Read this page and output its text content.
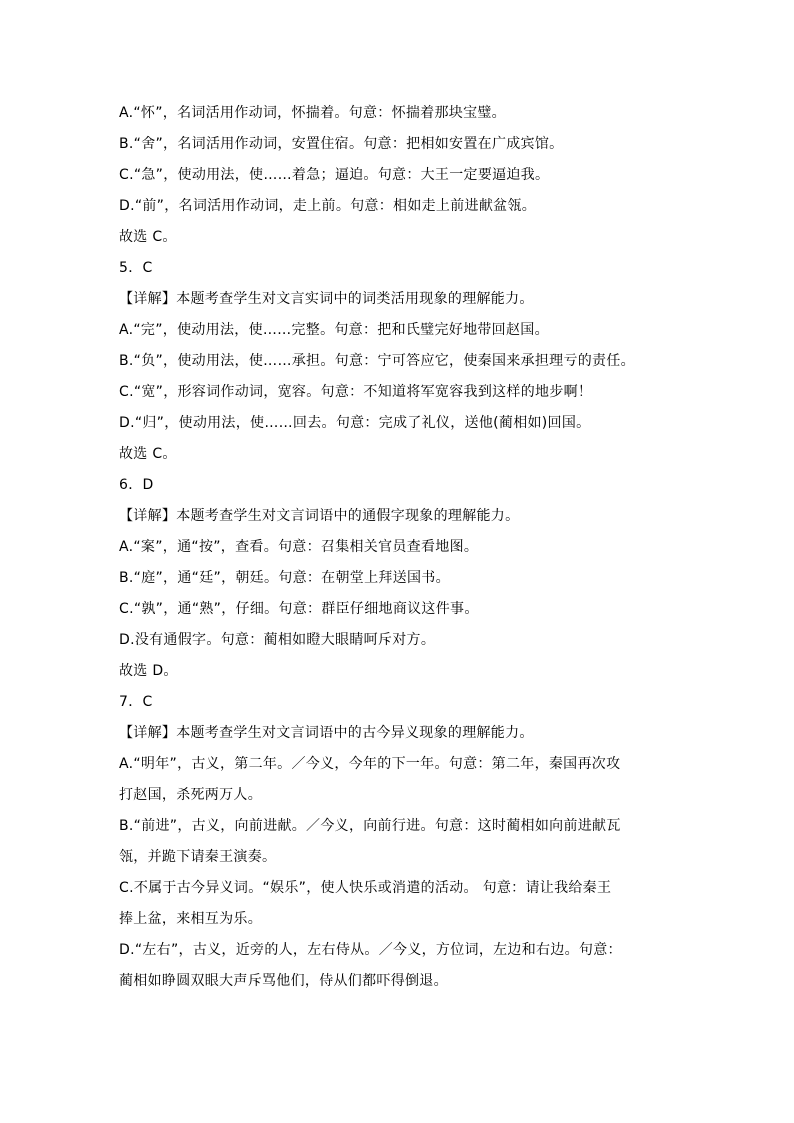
A.“怀”，名词活用作动词，怀揣着。句意：怀揣着那块宝璧。
B.“舍”，名词活用作动词，安置住宿。句意：把相如安置在广成宾馆。
C.“急”，使动用法，使……着急；逼迫。句意：大王一定要逼迫我。
D.“前”，名词活用作动词，走上前。句意：相如走上前进献盆瓴。
故选 C。
5．C
【详解】本题考查学生对文言实词中的词类活用现象的理解能力。
A.“完”，使动用法，使……完整。句意：把和氏璧完好地带回赵国。
B.“负”，使动用法，使……承担。句意：宁可答应它，使秦国来承担理亏的责任。
C.“宽”，形容词作动词，宽容。句意：不知道将军宽容我到这样的地步啊！
D.“归”，使动用法，使……回去。句意：完成了礼仪，送他(蔺相如)回国。
故选 C。
6．D
【详解】本题考查学生对文言词语中的通假字现象的理解能力。
A.“案”，通“按”，查看。句意：召集相关官员查看地图。
B.“庭”，通“廷”，朝廷。句意：在朝堂上拜送国书。
C.“孰”，通“熟”，仔细。句意：群臣仔细地商议这件事。
D.没有通假字。句意：蔺相如瞪大眼睛呵斥对方。
故选 D。
7．C
【详解】本题考查学生对文言词语中的古今异义现象的理解能力。
A.“明年”，古义，第二年。／今义，今年的下一年。句意：第二年，秦国再次攻
打赵国，杀死两万人。
B.“前进”，古义，向前进献。／今义，向前行进。句意：这时蔺相如向前进献瓦
瓴，并跪下请秦王演奏。
C.不属于古今异义词。“娱乐”，使人快乐或消遣的活动。 句意：请让我给秦王
捧上盆，来相互为乐。
D.“左右”，古义，近旁的人，左右侍从。／今义，方位词，左边和右边。句意：
蔺相如睁圆双眼大声斥骂他们，侍从们都吓得倒退。
